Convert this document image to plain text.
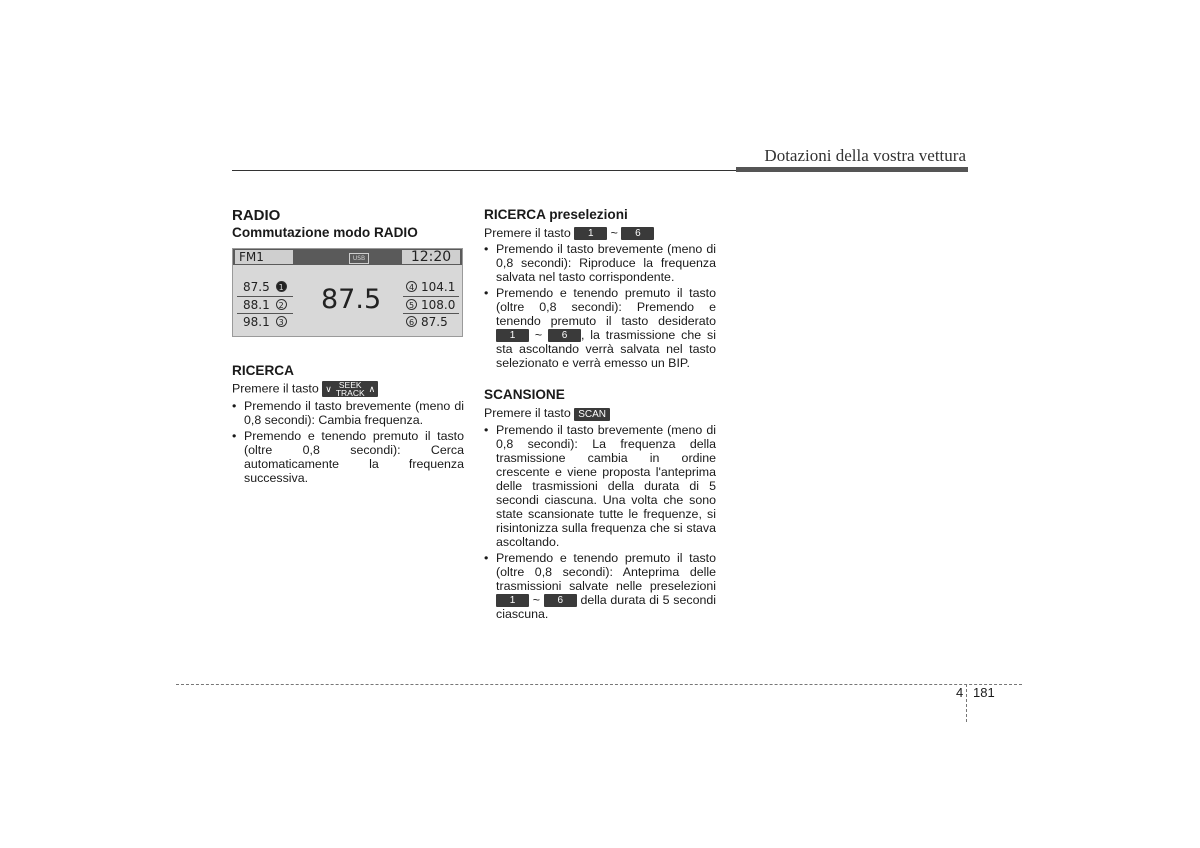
Dotazioni della vostra vettura

RADIO

Commutazione modo RADIO

FM1	USB	12:20
87.5 1
88.1 2
98.1 3
87.5	4 104.1
5 108.0
6 87.5

RICERCA

Premere il tasto ∨ SEEK
TRACK ∧

• Premendo il tasto brevemente (meno di 0,8 secondi): Cambia frequenza.
• Premendo e tenendo premuto il tasto (oltre 0,8 secondi): Cerca automaticamente la frequenza successiva.

RICERCA preselezioni

Premere il tasto 1 ~ 6

• Premendo il tasto brevemente (meno di 0,8 secondi): Riproduce la frequenza salvata nel tasto corrispondente.
• Premendo e tenendo premuto il tasto (oltre 0,8 secondi): Premendo e tenendo premuto il tasto desiderato 1 ~ 6 , la trasmissione che si sta ascoltando verrà salvata nel tasto selezionato e verrà emesso un BIP.

SCANSIONE

Premere il tasto SCAN

• Premendo il tasto brevemente (meno di 0,8 secondi): La frequenza della trasmissione cambia in ordine crescente e viene proposta l'anteprima delle trasmissioni della durata di 5 secondi ciascuna. Una volta che sono state scansionate tutte le frequenze, si risintonizza sulla frequenza che si stava ascoltando.
• Premendo e tenendo premuto il tasto (oltre 0,8 secondi): Anteprima delle trasmissioni salvate nelle preselezioni 1 ~ 6 della durata di 5 secondi ciascuna.
4 181
